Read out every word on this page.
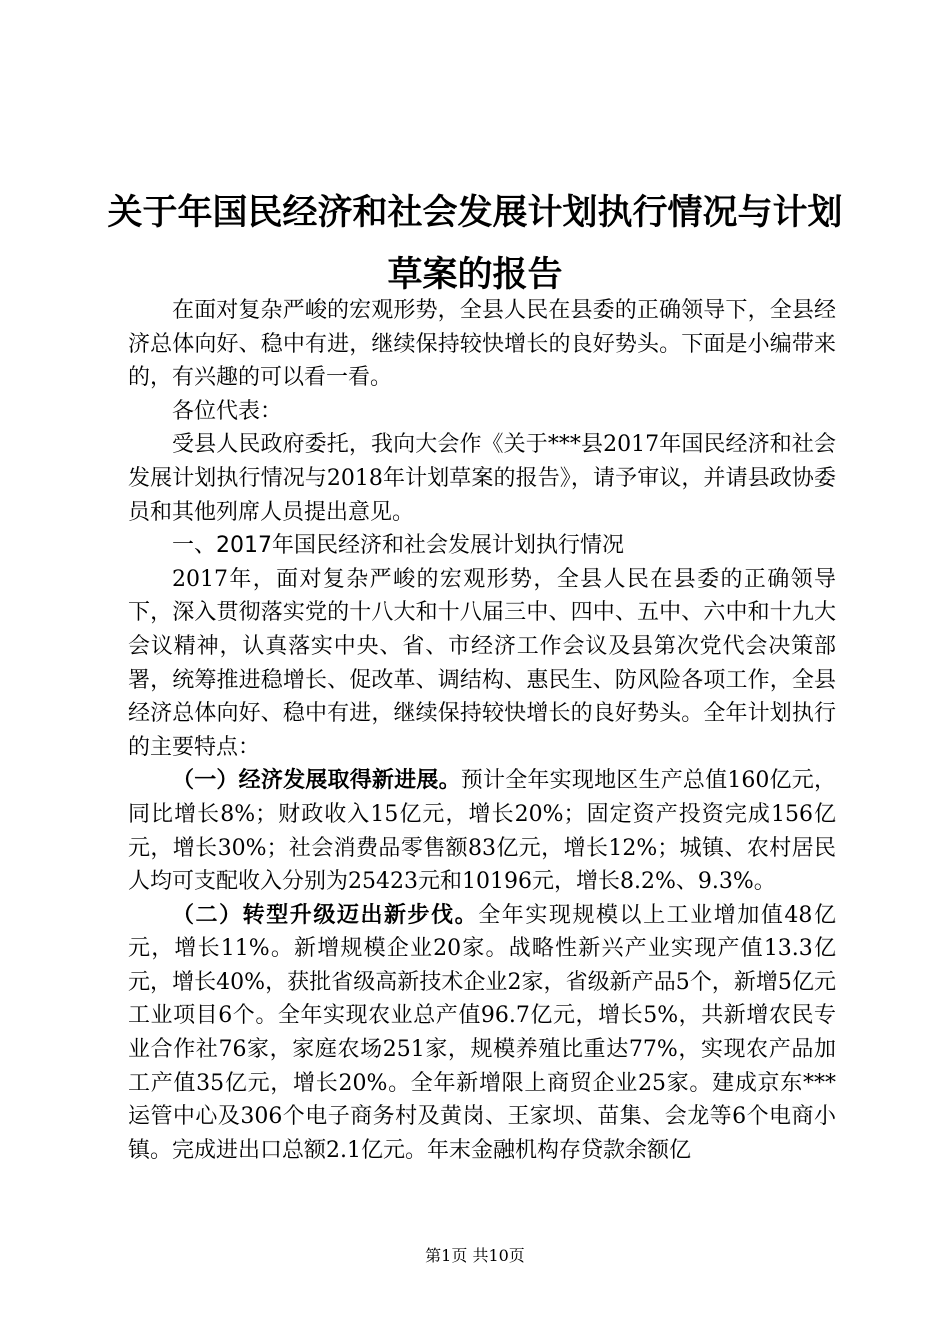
关于年国民经济和社会发展计划执行情况与计划草案的报告

在面对复杂严峻的宏观形势，全县人民在县委的正确领导下，全县经济总体向好、稳中有进，继续保持较快增长的良好势头。下面是小编带来的，有兴趣的可以看一看。

各位代表：

受县人民政府委托，我向大会作《关于***县2017年国民经济和社会发展计划执行情况与2018年计划草案的报告》，请予审议，并请县政协委员和其他列席人员提出意见。

一、2017年国民经济和社会发展计划执行情况

2017年，面对复杂严峻的宏观形势，全县人民在县委的正确领导下，深入贯彻落实党的十八大和十八届三中、四中、五中、六中和十九大会议精神，认真落实中央、省、市经济工作会议及县第次党代会决策部署，统筹推进稳增长、促改革、调结构、惠民生、防风险各项工作，全县经济总体向好、稳中有进，继续保持较快增长的良好势头。全年计划执行的主要特点：

（一）经济发展取得新进展。预计全年实现地区生产总值160亿元，同比增长8%；财政收入15亿元，增长20%；固定资产投资完成156亿元，增长30%；社会消费品零售额83亿元，增长12%；城镇、农村居民人均可支配收入分别为25423元和10196元，增长8.2%、9.3%。

（二）转型升级迈出新步伐。全年实现规模以上工业增加值48亿元，增长11%。新增规模企业20家。战略性新兴产业实现产值13.3亿元，增长40%，获批省级高新技术企业2家，省级新产品5个，新增5亿元工业项目6个。全年实现农业总产值96.7亿元，增长5%，共新增农民专业合作社76家，家庭农场251家，规模养殖比重达77%，实现农产品加工产值35亿元，增长20%。全年新增限上商贸企业25家。建成京东***运管中心及306个电子商务村及黄岗、王家坝、苗集、会龙等6个电商小镇。完成进出口总额2.1亿元。年末金融机构存贷款余额亿

第1页 共10页
